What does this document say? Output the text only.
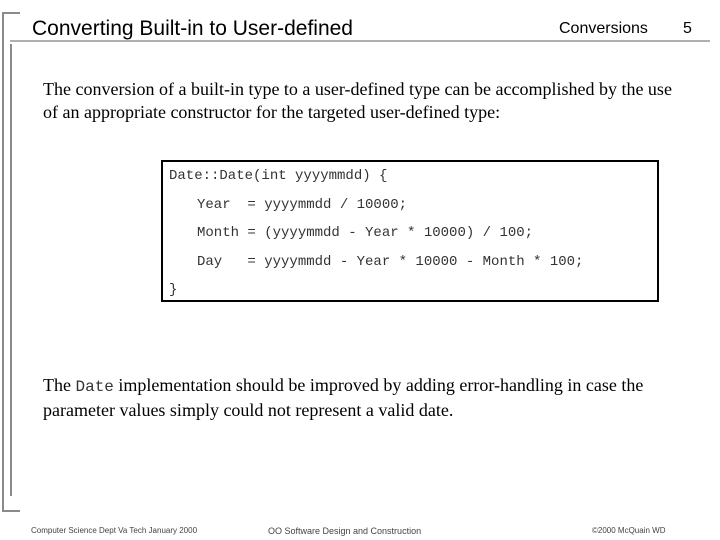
Converting Built-in to User-defined	Conversions 5
The conversion of a built-in type to a user-defined type can be accomplished by the use of an appropriate constructor for the targeted user-defined type:

Date::Date(int yyyymmdd) {

Year  = yyyymmdd / 10000;

Month = (yyyymmdd - Year * 10000) / 100;

Day   = yyyymmdd - Year * 10000 - Month * 100;

}

The Date implementation should be improved by adding error-handling in case the parameter values simply could not represent a valid date.
Computer Science Dept Va Tech January 2000	OO Software Design and Construction	©2000 McQuain WD
